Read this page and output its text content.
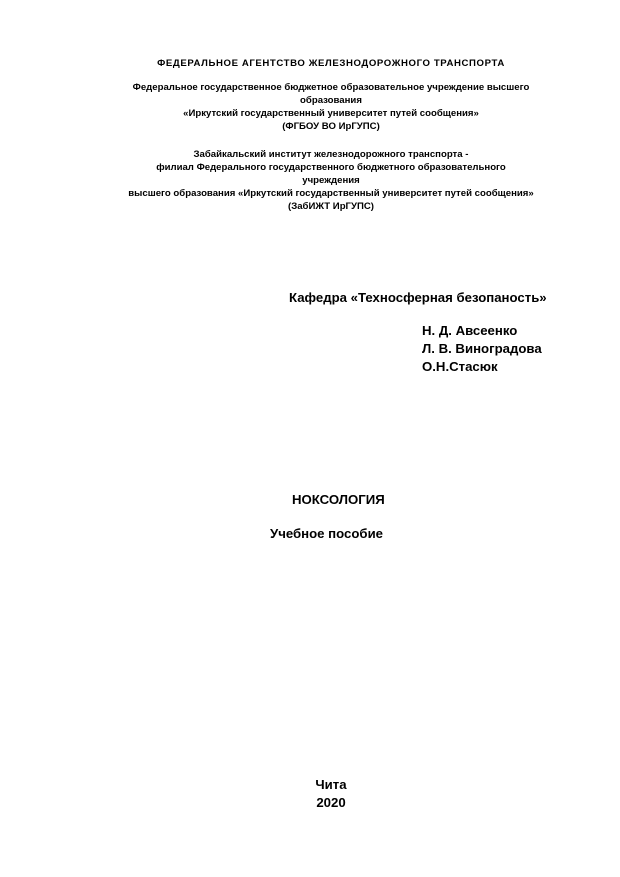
ФЕДЕРАЛЬНОЕ АГЕНТСТВО ЖЕЛЕЗНОДОРОЖНОГО ТРАНСПОРТА
Федеральное государственное бюджетное образовательное учреждение высшего
образования
«Иркутский государственный университет путей сообщения»
(ФГБОУ ВО ИрГУПС)
Забайкальский институт железнодорожного транспорта -
филиал Федерального государственного бюджетного образовательного
учреждения
высшего образования «Иркутский государственный университет путей сообщения»
(ЗабИЖТ ИрГУПС)
Кафедра «Техносферная безопаность»
Н. Д. Авсеенко
Л. В. Виноградова
О.Н.Стасюк
НОКСОЛОГИЯ
Учебное пособие
Чита
2020
